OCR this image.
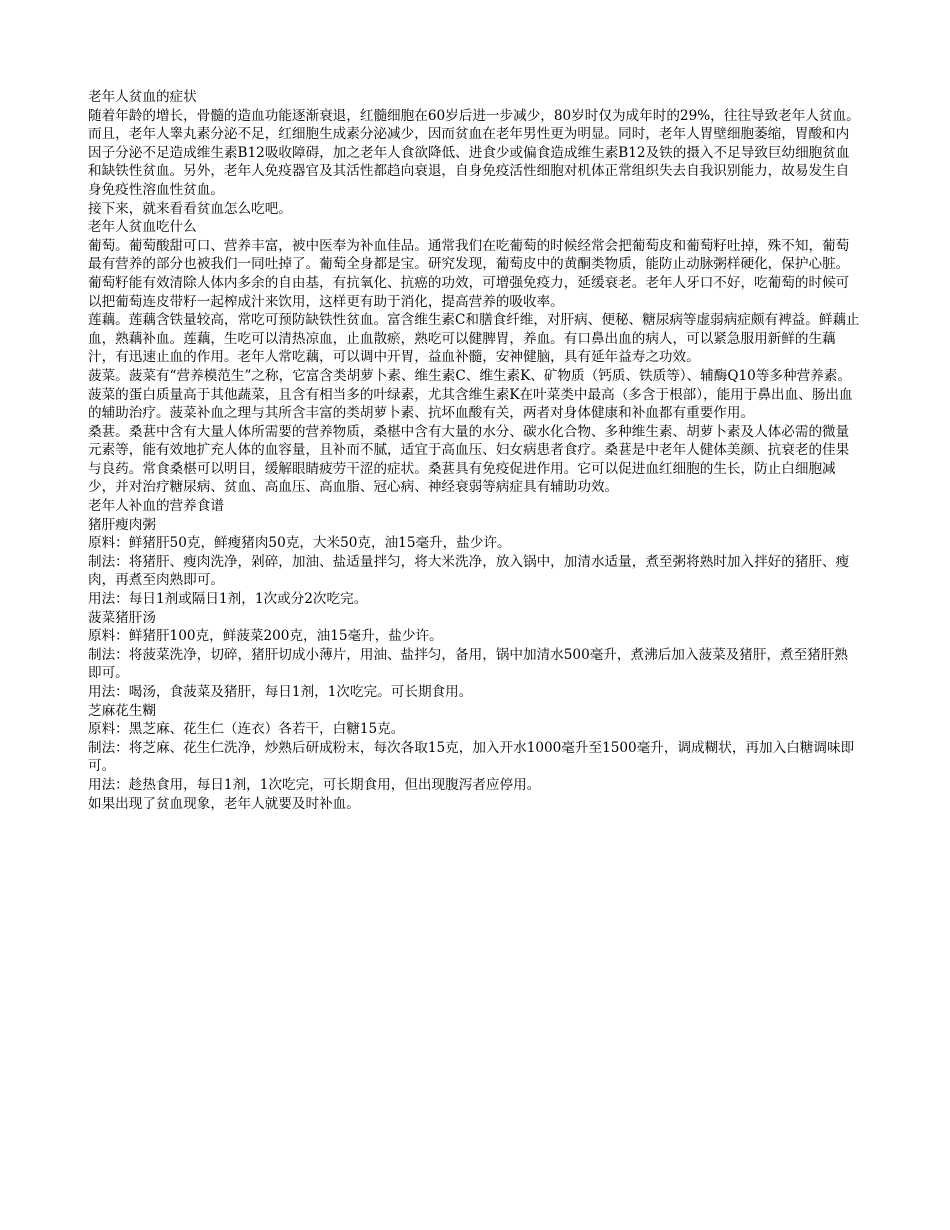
老年人贫血的症状
随着年龄的增长，骨髓的造血功能逐渐衰退，红髓细胞在60岁后进一步减少，80岁时仅为成年时的29%，往往导致老年人贫血。而且，老年人睾丸素分泌不足，红细胞生成素分泌减少，因而贫血在老年男性更为明显。同时，老年人胃壁细胞萎缩，胃酸和内因子分泌不足造成维生素B12吸收障碍，加之老年人食欲降低、进食少或偏食造成维生素B12及铁的摄入不足导致巨幼细胞贫血和缺铁性贫血。另外，老年人免疫器官及其活性都趋向衰退，自身免疫活性细胞对机体正常组织失去自我识别能力，故易发生自身免疫性溶血性贫血。
接下来，就来看看贫血怎么吃吧。
老年人贫血吃什么
葡萄。葡萄酸甜可口、营养丰富，被中医奉为补血佳品。通常我们在吃葡萄的时候经常会把葡萄皮和葡萄籽吐掉，殊不知，葡萄最有营养的部分也被我们一同吐掉了。葡萄全身都是宝。研究发现，葡萄皮中的黄酮类物质，能防止动脉粥样硬化，保护心脏。葡萄籽能有效清除人体内多余的自由基，有抗氧化、抗癌的功效，可增强免疫力，延缓衰老。老年人牙口不好，吃葡萄的时候可以把葡萄连皮带籽一起榨成汁来饮用，这样更有助于消化，提高营养的吸收率。
莲藕。莲藕含铁量较高，常吃可预防缺铁性贫血。富含维生素C和膳食纤维，对肝病、便秘、糖尿病等虚弱病症颇有裨益。鲜藕止血，熟藕补血。莲藕，生吃可以清热凉血，止血散瘀，熟吃可以健脾胃，养血。有口鼻出血的病人，可以紧急服用新鲜的生藕汁，有迅速止血的作用。老年人常吃藕，可以调中开胃，益血补髓，安神健脑，具有延年益寿之功效。
菠菜。菠菜有“营养模范生”之称，它富含类胡萝卜素、维生素C、维生素K、矿物质（钙质、铁质等）、辅酶Q10等多种营养素。菠菜的蛋白质量高于其他蔬菜，且含有相当多的叶绿素，尤其含维生素K在叶菜类中最高（多含于根部），能用于鼻出血、肠出血的辅助治疗。菠菜补血之理与其所含丰富的类胡萝卜素、抗坏血酸有关，两者对身体健康和补血都有重要作用。
桑葚。桑葚中含有大量人体所需要的营养物质，桑椹中含有大量的水分、碳水化合物、多种维生素、胡萝卜素及人体必需的微量元素等，能有效地扩充人体的血容量，且补而不腻，适宜于高血压、妇女病患者食疗。桑葚是中老年人健体美颜、抗衰老的佳果与良药。常食桑椹可以明目，缓解眼睛疲劳干涩的症状。桑葚具有免疫促进作用。它可以促进血红细胞的生长，防止白细胞减少，并对治疗糖尿病、贫血、高血压、高血脂、冠心病、神经衰弱等病症具有辅助功效。
老年人补血的营养食谱
猪肝瘦肉粥
原料：鲜猪肝50克，鲜瘦猪肉50克，大米50克，油15毫升，盐少许。
制法：将猪肝、瘦肉洗净，剁碎，加油、盐适量拌匀，将大米洗净，放入锅中，加清水适量，煮至粥将熟时加入拌好的猪肝、瘦肉，再煮至肉熟即可。
用法：每日1剂或隔日1剂，1次或分2次吃完。
菠菜猪肝汤
原料：鲜猪肝100克，鲜菠菜200克，油15毫升，盐少许。
制法：将菠菜洗净，切碎，猪肝切成小薄片，用油、盐拌匀，备用，锅中加清水500毫升，煮沸后加入菠菜及猪肝，煮至猪肝熟即可。
用法：喝汤，食菠菜及猪肝，每日1剂，1次吃完。可长期食用。
芝麻花生糊
原料：黑芝麻、花生仁（连衣）各若干，白糖15克。
制法：将芝麻、花生仁洗净，炒熟后研成粉末，每次各取15克，加入开水1000毫升至1500毫升，调成糊状，再加入白糖调味即可。
用法：趁热食用，每日1剂，1次吃完，可长期食用，但出现腹泻者应停用。
如果出现了贫血现象，老年人就要及时补血。
